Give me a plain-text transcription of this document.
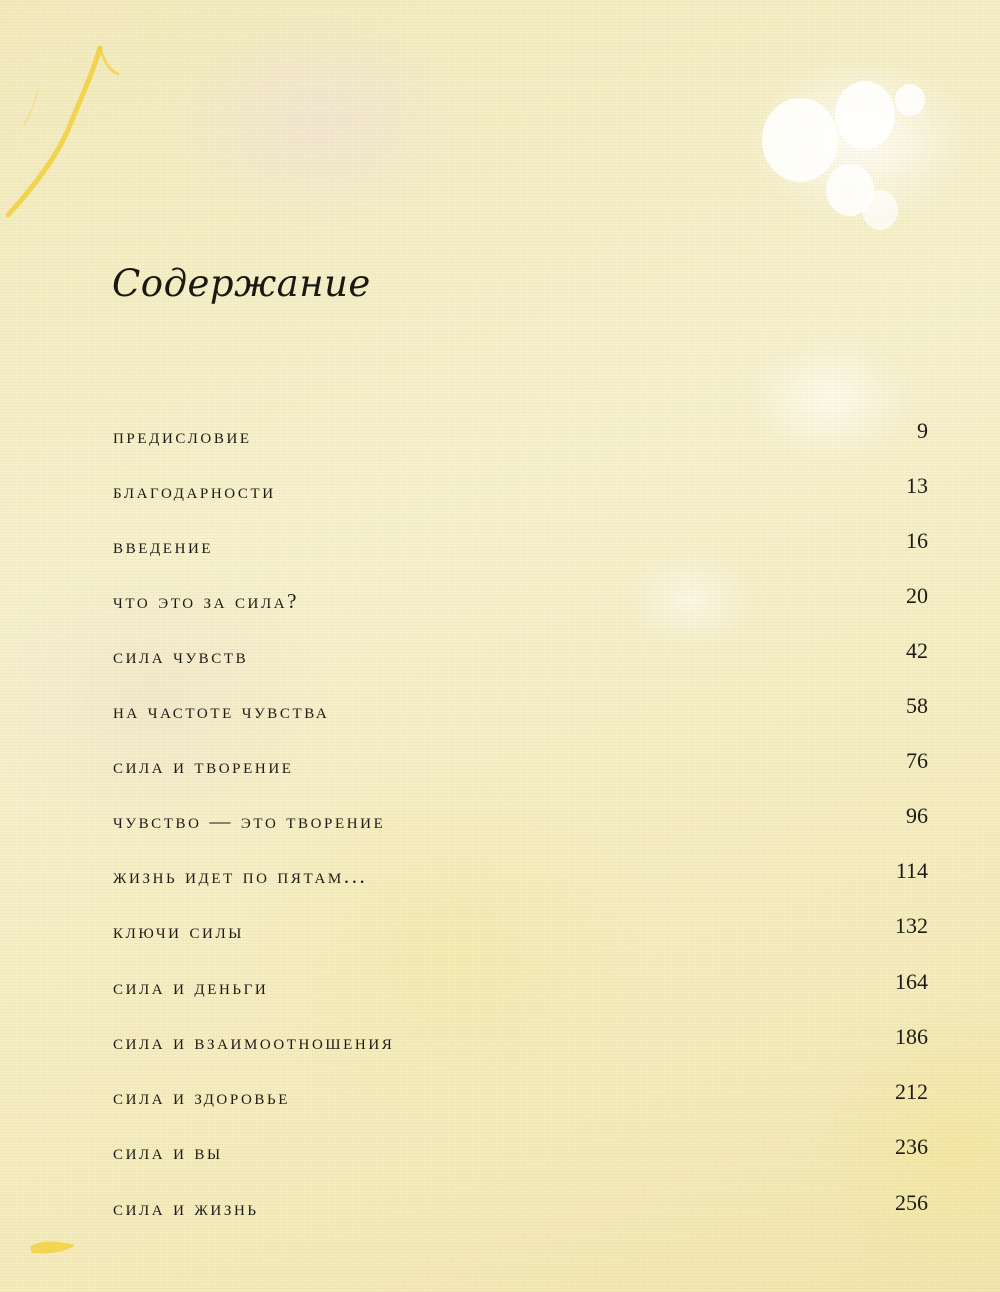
Содержание
предисловие	9
благодарности	13
введение	16
что это за сила?	20
сила чувств	42
на частоте чувства	58
сила и творение	76
чувство — это творение	96
жизнь идет по пятам...	114
ключи силы	132
сила и деньги	164
сила и взаимоотношения	186
сила и здоровье	212
сила и вы	236
сила и жизнь	256
